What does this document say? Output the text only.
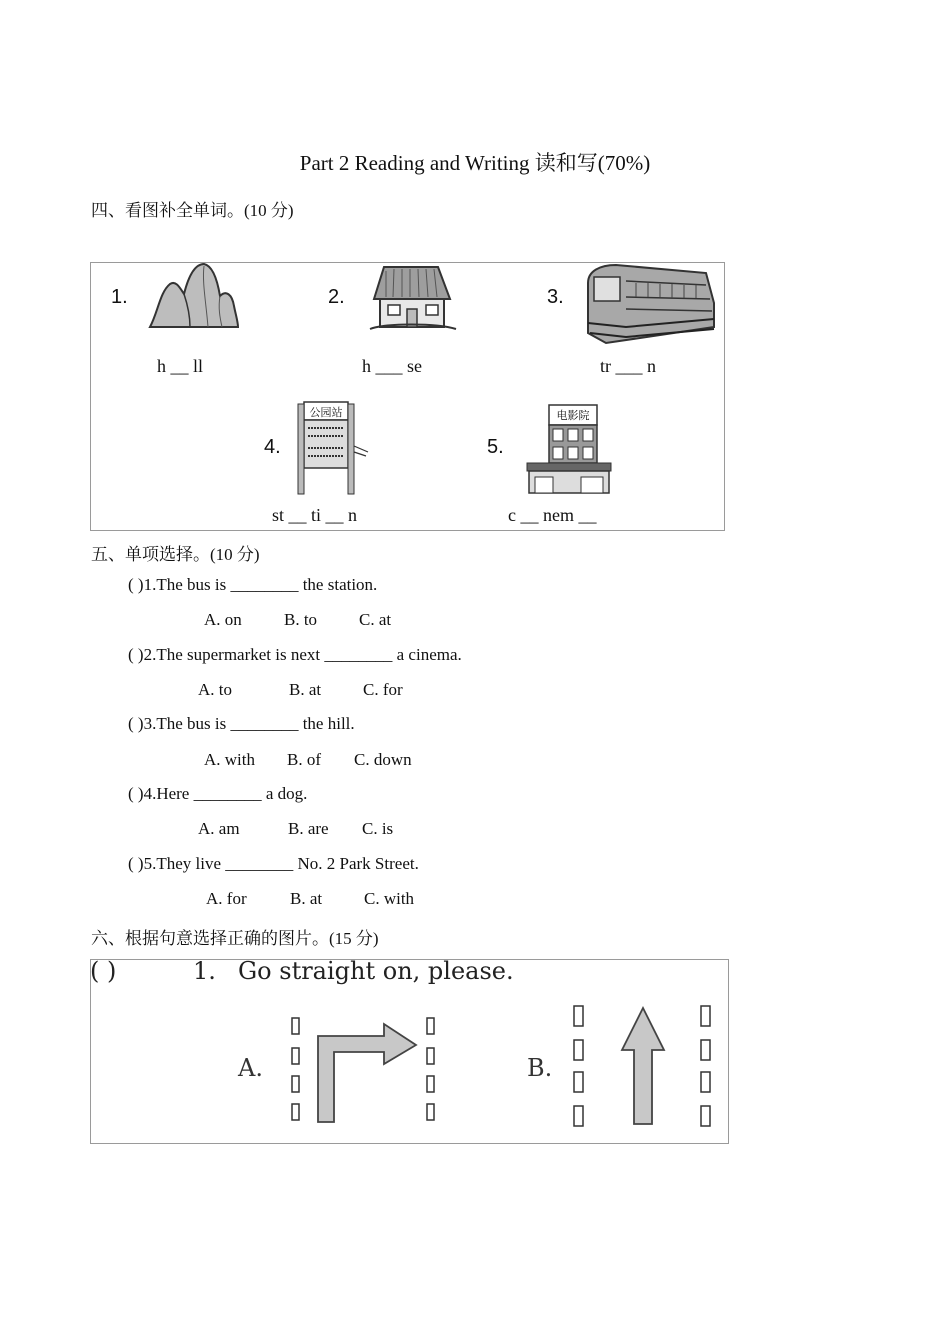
Part 2 Reading and Writing 读和写(70%)
四、看图补全单词。(10 分)
1.
h __ ll
2.
h ___ se
3.
tr ___ n
4.
公园站
st __ ti __ n
5.
电影院
c __ nem __
五、单项选择。(10 分)
( )1.The bus is ________ the station.
A. on B. to C. at
( )2.The supermarket is next ________ a cinema.
A. to	B. at C. for
( )3.The bus is ________ the hill.
A. with B. of C. down
( )4.Here ________ a dog.
A. am	B. are C. is
( )5.They live ________ No. 2 Park Street.
A. for	B. at C. with
六、根据句意选择正确的图片。(15 分)
( )	1. Go straight on, please.
A.	B.
